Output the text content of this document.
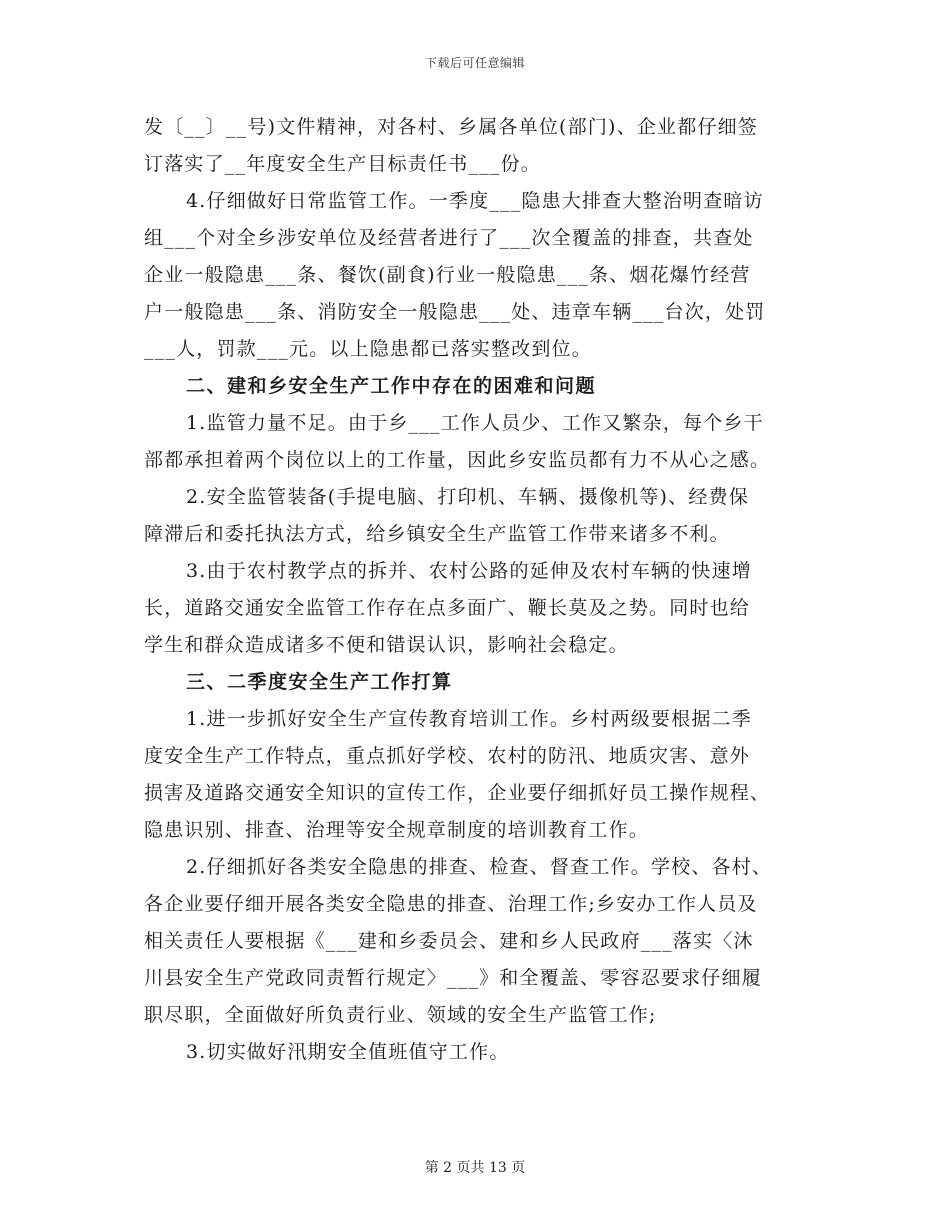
下载后可任意编辑
发〔__〕__号)文件精神，对各村、乡属各单位(部门)、企业都仔细签
订落实了__年度安全生产目标责任书___份。
4.仔细做好日常监管工作。一季度___隐患大排查大整治明查暗访
组___个对全乡涉安单位及经营者进行了___次全覆盖的排查，共查处
企业一般隐患___条、餐饮(副食)行业一般隐患___条、烟花爆竹经营
户一般隐患___条、消防安全一般隐患___处、违章车辆___台次，处罚
___人，罚款___元。以上隐患都已落实整改到位。
二、建和乡安全生产工作中存在的困难和问题
1.监管力量不足。由于乡___工作人员少、工作又繁杂，每个乡干
部都承担着两个岗位以上的工作量，因此乡安监员都有力不从心之感。
2.安全监管装备(手提电脑、打印机、车辆、摄像机等)、经费保
障滞后和委托执法方式，给乡镇安全生产监管工作带来诸多不利。
3.由于农村教学点的拆并、农村公路的延伸及农村车辆的快速增
长，道路交通安全监管工作存在点多面广、鞭长莫及之势。同时也给
学生和群众造成诸多不便和错误认识，影响社会稳定。
三、二季度安全生产工作打算
1.进一步抓好安全生产宣传教育培训工作。乡村两级要根据二季
度安全生产工作特点，重点抓好学校、农村的防汛、地质灾害、意外
损害及道路交通安全知识的宣传工作，企业要仔细抓好员工操作规程、
隐患识别、排查、治理等安全规章制度的培训教育工作。
2.仔细抓好各类安全隐患的排查、检查、督查工作。学校、各村、
各企业要仔细开展各类安全隐患的排查、治理工作;乡安办工作人员及
相关责任人要根据《___建和乡委员会、建和乡人民政府___落实〈沐
川县安全生产党政同责暂行规定〉___》和全覆盖、零容忍要求仔细履
职尽职，全面做好所负责行业、领域的安全生产监管工作;
3.切实做好汛期安全值班值守工作。
第 2 页共 13 页
